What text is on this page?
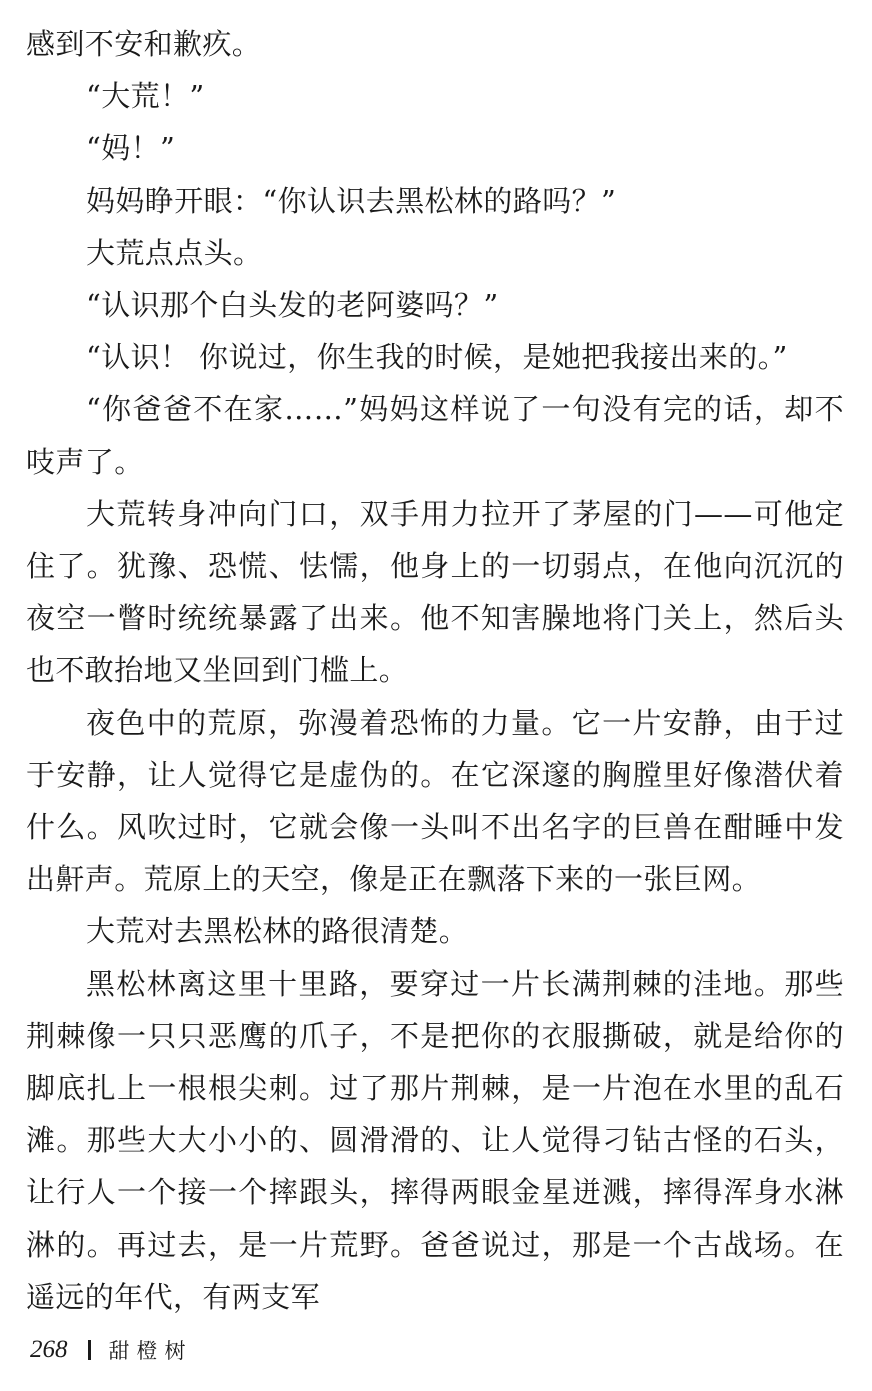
感到不安和歉疚。

“大荒！”

“妈！”

妈妈睁开眼：“你认识去黑松林的路吗？”

大荒点点头。

“认识那个白头发的老阿婆吗？”

“认识！ 你说过，你生我的时候，是她把我接出来的。”

“你爸爸不在家……”妈妈这样说了一句没有完的话，却不吱声了。

大荒转身冲向门口，双手用力拉开了茅屋的门——可他定住了。犹豫、恐慌、怯懦，他身上的一切弱点，在他向沉沉的夜空一瞥时统统暴露了出来。他不知害臊地将门关上，然后头也不敢抬地又坐回到门槛上。

夜色中的荒原，弥漫着恐怖的力量。它一片安静，由于过于安静，让人觉得它是虚伪的。在它深邃的胸膛里好像潜伏着什么。风吹过时，它就会像一头叫不出名字的巨兽在酣睡中发出鼾声。荒原上的天空，像是正在飘落下来的一张巨网。

大荒对去黑松林的路很清楚。

黑松林离这里十里路，要穿过一片长满荆棘的洼地。那些荆棘像一只只恶鹰的爪子，不是把你的衣服撕破，就是给你的脚底扎上一根根尖刺。过了那片荆棘，是一片泡在水里的乱石滩。那些大大小小的、圆滑滑的、让人觉得刁钻古怪的石头，让行人一个接一个摔跟头，摔得两眼金星迸溅，摔得浑身水淋淋的。再过去，是一片荒野。爸爸说过，那是一个古战场。在遥远的年代，有两支军

268 甜橙树
